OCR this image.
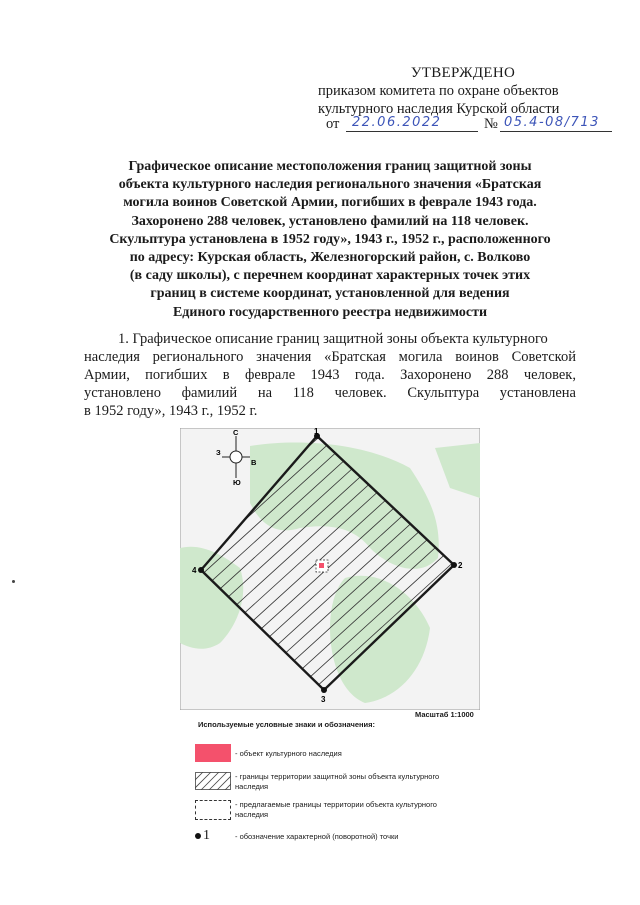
УТВЕРЖДЕНО
приказом комитета по охране объектов
культурного наследия Курской области
от 22.06.2022	№ 05.4-08/713
Графическое описание местоположения границ защитной зоны
объекта культурного наследия регионального значения «Братская
могила воинов Советской Армии, погибших в феврале 1943 года.
Захоронено 288 человек, установлено фамилий на 118 человек.
Скульптура установлена в 1952 году», 1943 г., 1952 г., расположенного
по адресу: Курская область, Железногорский район, с. Волково
(в саду школы), с перечнем координат характерных точек этих
границ в системе координат, установленной для ведения
Единого государственного реестра недвижимости
1. Графическое описание границ защитной зоны объекта культурного
наследия регионального значения «Братская могила воинов Советской
Армии, погибших в феврале 1943 года. Захоронено 288 человек,
установлено фамилий на 118 человек. Скульптура установлена
в 1952 году», 1943 г., 1952 г.
1
2
3
4
С
Ю
З
В
Масштаб 1:1000
Используемые условные знаки и обозначения:
- объект культурного наследия
- границы территории защитной зоны объекта культурного наследия
- предлагаемые границы территории объекта культурного наследия
1	- обозначение характерной (поворотной) точки
